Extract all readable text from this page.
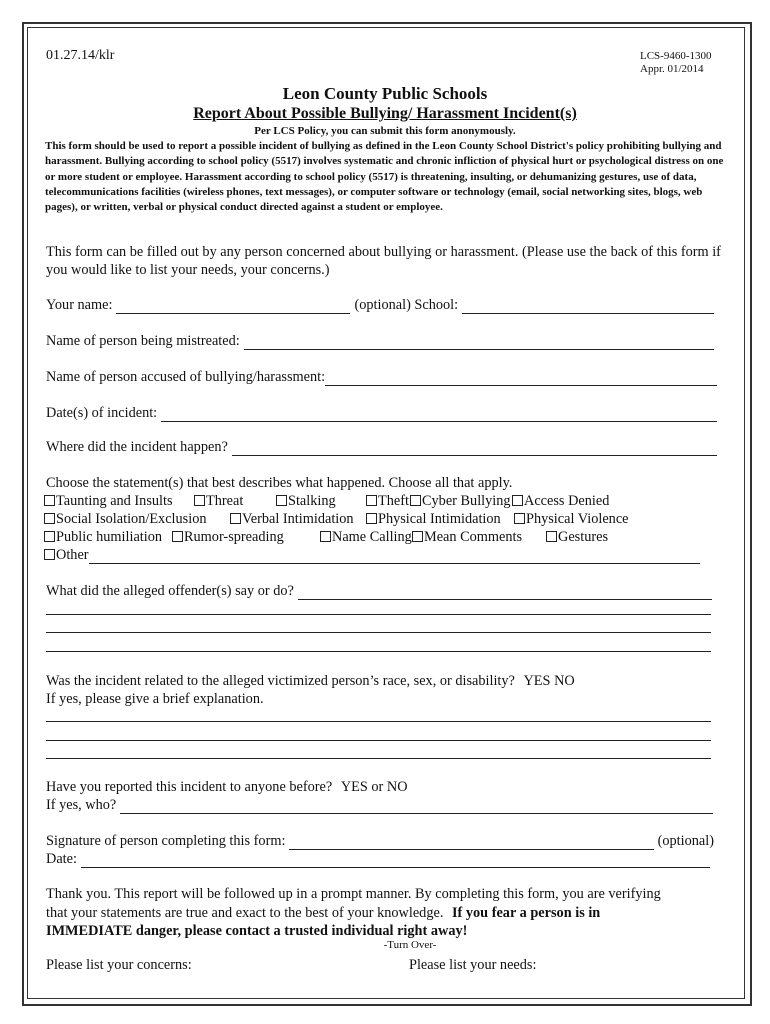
01.27.14/klr	LCS-9460-1300
Appr. 01/2014
Leon County Public Schools
Report About Possible Bullying/ Harassment Incident(s)
Per LCS Policy, you can submit this form anonymously.
This form should be used to report a possible incident of bullying as defined in the Leon County School District's policy prohibiting bullying and harassment. Bullying according to school policy (5517) involves systematic and chronic infliction of physical hurt or psychological distress on one or more student or employee. Harassment according to school policy (5517) is threatening, insulting, or dehumanizing gestures, use of data, telecommunications facilities (wireless phones, text messages), or computer software or technology (email, social networking sites, blogs, web pages), or written, verbal or physical conduct directed against a student or employee.
This form can be filled out by any person concerned about bullying or harassment. (Please use the back of this form if you would like to list your needs, your concerns.)
Your name:	(optional) School:
Name of person being mistreated:
Name of person accused of bullying/harassment:
Date(s) of incident:
Where did the incident happen?
Choose the statement(s) that best describes what happened. Choose all that apply.
Taunting and Insults	Threat	Stalking	Theft Cyber Bullying Access Denied
Social Isolation/Exclusion	Verbal Intimidation	Physical Intimidation	Physical Violence
Public humiliation	Rumor-spreading	Name Calling Mean Comments	Gestures
Other
What did the alleged offender(s) say or do?
Was the incident related to the alleged victimized person’s race, sex, or disability? YES NO
If yes, please give a brief explanation.
Have you reported this incident to anyone before? YES or NO
If yes, who?
Signature of person completing this form:	(optional)
Date:
Thank you. This report will be followed up in a prompt manner. By completing this form, you are verifying
that your statements are true and exact to the best of your knowledge. If you fear a person is in
IMMEDIATE danger, please contact a trusted individual right away!
-Turn Over-
Please list your concerns:	Please list your needs:
